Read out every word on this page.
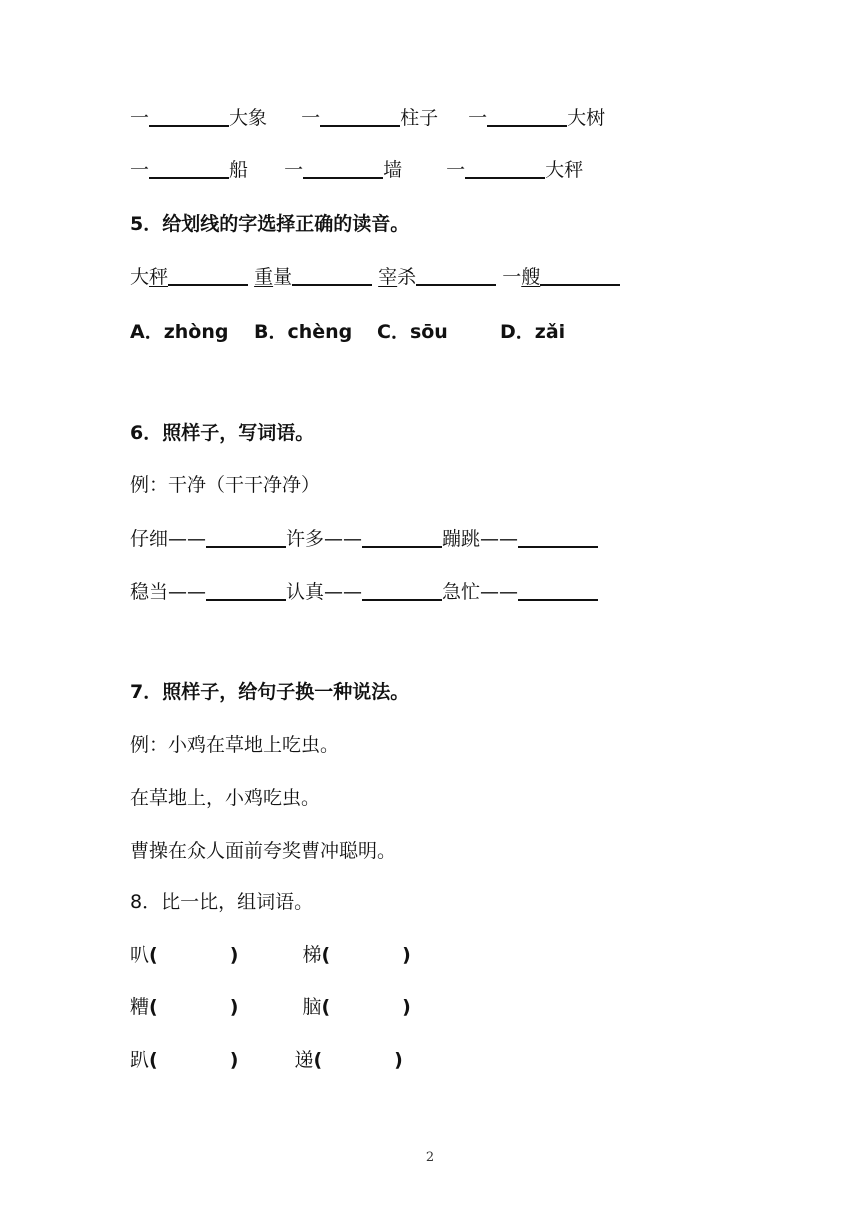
一	大象 一	柱子 一	大树
一	船 一	墙 一	大秤
5．给划线的字选择正确的读音。
大秤	重量	宰杀	一艘
A．zhòng B．chèng C．sōu	D．zǎi
6．照样子，写词语。
例：干净（干干净净）
仔细——	许多——	蹦跳——
稳当——	认真——	急忙——
7．照样子，给句子换一种说法。
例：小鸡在草地上吃虫。
在草地上，小鸡吃虫。
曹操在众人面前夸奖曹冲聪明。
8．比一比，组词语。
叭(	)	梯(	)
糟(	)	脑(	)
趴(	)	递(	)
2
